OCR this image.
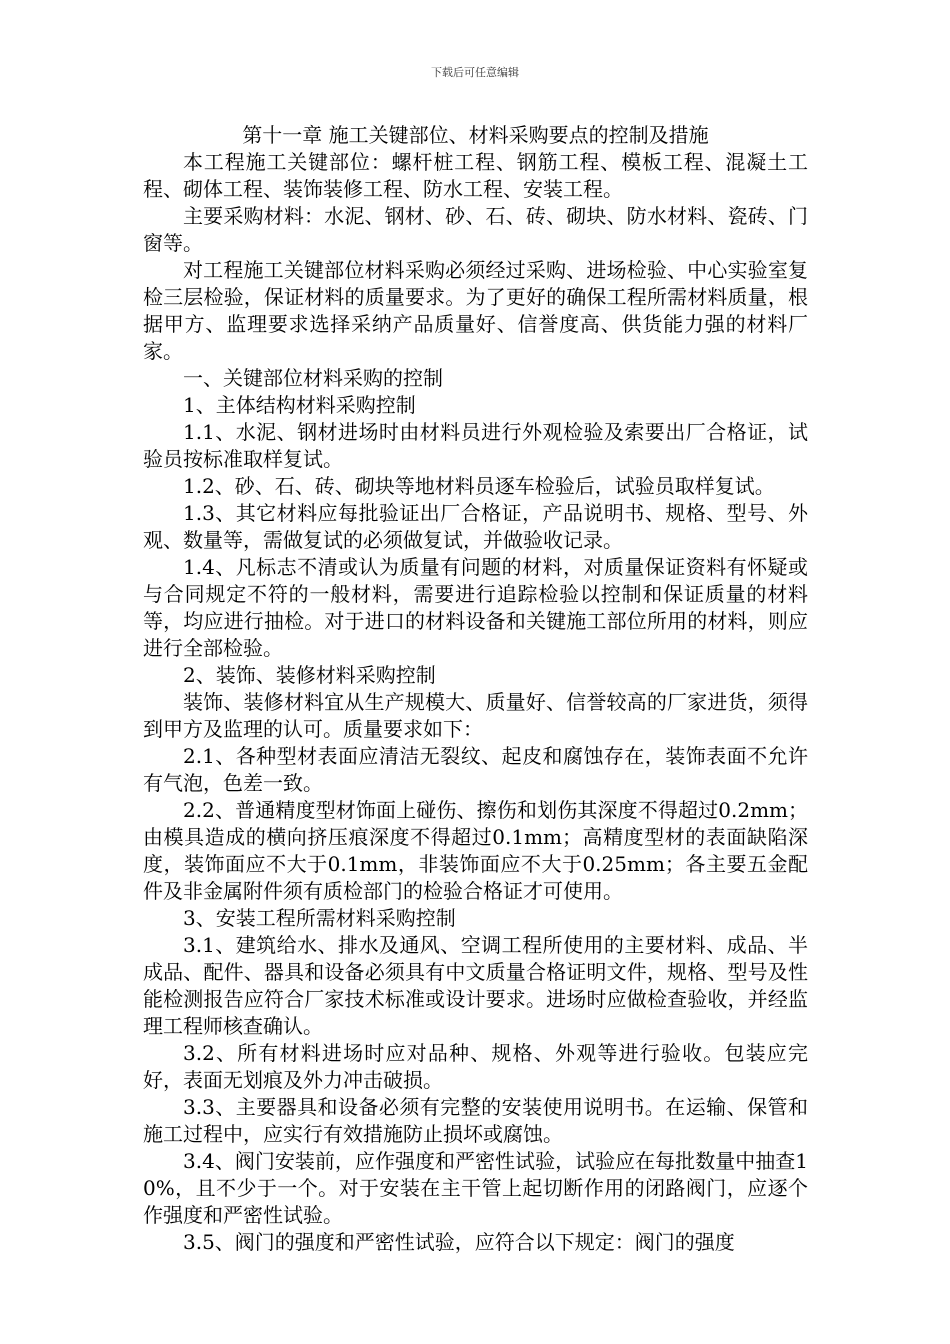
下载后可任意编辑
第十一章 施工关键部位、材料采购要点的控制及措施

本工程施工关键部位：螺杆桩工程、钢筋工程、模板工程、混凝土工程、砌体工程、装饰装修工程、防水工程、安装工程。

主要采购材料：水泥、钢材、砂、石、砖、砌块、防水材料、瓷砖、门窗等。

对工程施工关键部位材料采购必须经过采购、进场检验、中心实验室复检三层检验，保证材料的质量要求。为了更好的确保工程所需材料质量，根据甲方、监理要求选择采纳产品质量好、信誉度高、供货能力强的材料厂家。

一、关键部位材料采购的控制

1、主体结构材料采购控制

1.1、水泥、钢材进场时由材料员进行外观检验及索要出厂合格证，试验员按标准取样复试。

1.2、砂、石、砖、砌块等地材料员逐车检验后，试验员取样复试。

1.3、其它材料应每批验证出厂合格证，产品说明书、规格、型号、外观、数量等，需做复试的必须做复试，并做验收记录。

1.4、凡标志不清或认为质量有问题的材料，对质量保证资料有怀疑或与合同规定不符的一般材料，需要进行追踪检验以控制和保证质量的材料等，均应进行抽检。对于进口的材料设备和关键施工部位所用的材料，则应进行全部检验。

2、装饰、装修材料采购控制

装饰、装修材料宜从生产规模大、质量好、信誉较高的厂家进货，须得到甲方及监理的认可。质量要求如下：

2.1、各种型材表面应清洁无裂纹、起皮和腐蚀存在，装饰表面不允许有气泡，色差一致。

2.2、普通精度型材饰面上碰伤、擦伤和划伤其深度不得超过0.2mm；由模具造成的横向挤压痕深度不得超过0.1mm；高精度型材的表面缺陷深度，装饰面应不大于0.1mm，非装饰面应不大于0.25mm；各主要五金配件及非金属附件须有质检部门的检验合格证才可使用。

3、安装工程所需材料采购控制

3.1、建筑给水、排水及通风、空调工程所使用的主要材料、成品、半成品、配件、器具和设备必须具有中文质量合格证明文件，规格、型号及性能检测报告应符合厂家技术标准或设计要求。进场时应做检查验收，并经监理工程师核查确认。

3.2、所有材料进场时应对品种、规格、外观等进行验收。包装应完好，表面无划痕及外力冲击破损。

3.3、主要器具和设备必须有完整的安装使用说明书。在运输、保管和施工过程中，应实行有效措施防止损坏或腐蚀。

3.4、阀门安装前，应作强度和严密性试验，试验应在每批数量中抽查10%，且不少于一个。对于安装在主干管上起切断作用的闭路阀门，应逐个作强度和严密性试验。

3.5、阀门的强度和严密性试验，应符合以下规定：阀门的强度
